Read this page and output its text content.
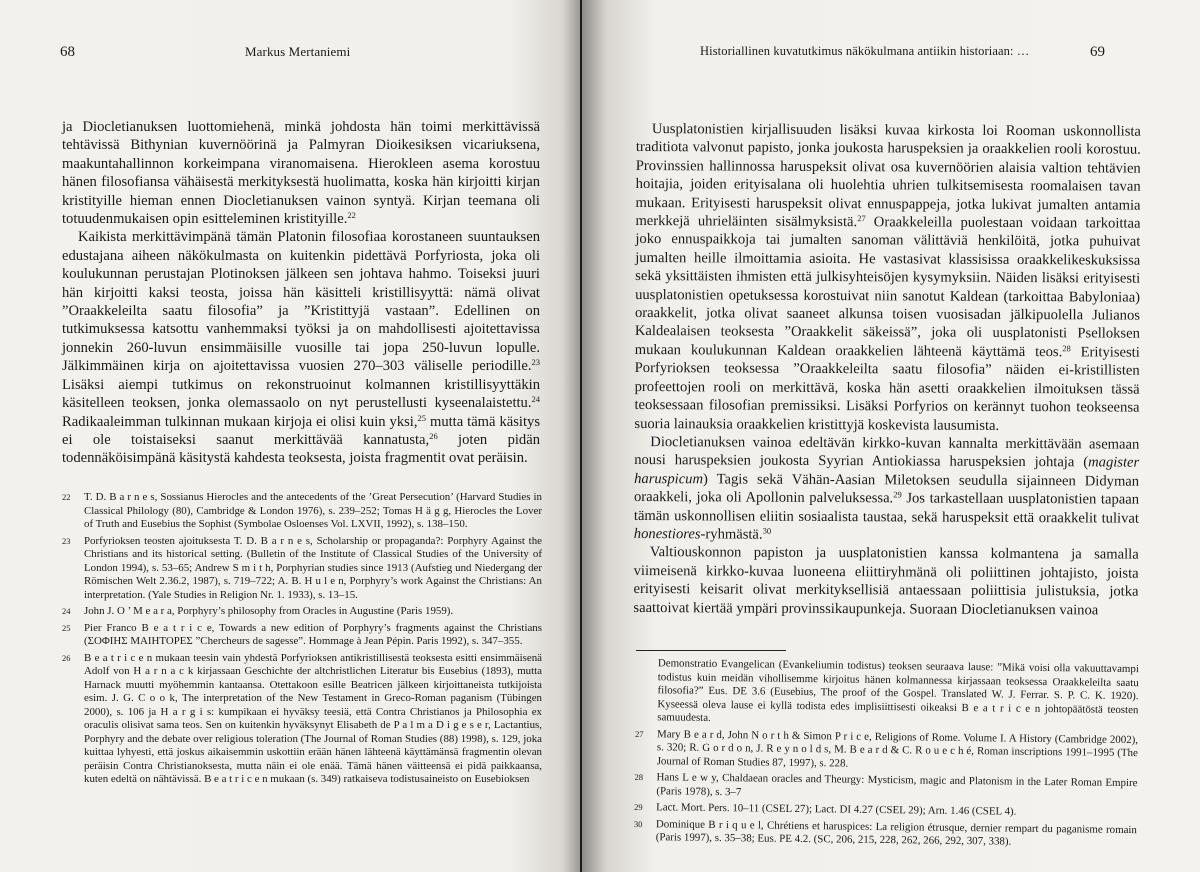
68	Markus Mertaniemi

ja Diocletianuksen luottomiehenä, minkä johdosta hän toimi merkittävissä tehtävissä Bithynian kuvernöörinä ja Palmyran Dioikesiksen vicariuksena, maakuntahallinnon korkeimpana viranomaisena. Hierokleen asema korostuu hänen filosofiansa vähäisestä merkityksestä huolimatta, koska hän kirjoitti kirjan kristityille hieman ennen Diocletianuksen vainon syntyä. Kirjan teemana oli totuudenmukaisen opin esitteleminen kristityille.$^{22}$

Kaikista merkittävimpänä tämän Platonin filosofiaa korostaneen suuntauksen edustajana aiheen näkökulmasta on kuitenkin pidettävä Porfyriosta, joka oli koulukunnan perustajan Plotinoksen jälkeen sen johtava hahmo. Toiseksi juuri hän kirjoitti kaksi teosta, joissa hän käsitteli kristillisyyttä: nämä olivat ”Oraakkeleilta saatu filosofia” ja ”Kristittyjä vastaan”. Edellinen on tutkimuksessa katsottu vanhemmaksi työksi ja on mahdollisesti ajoitettavissa jonnekin 260-luvun ensimmäisille vuosille tai jopa 250-luvun lopulle. Jälkimmäinen kirja on ajoitettavissa vuosien 270–303 väliselle periodille.$^{23}$ Lisäksi aiempi tutkimus on rekonstruoinut kolmannen kristillisyyttäkin käsitelleen teoksen, jonka olemassaolo on nyt perustellusti kyseenalaistettu.$^{24}$ Radikaaleimman tulkinnan mukaan kirjoja ei olisi kuin yksi,$^{25}$ mutta tämä käsitys ei ole toistaiseksi saanut merkittävää kannatusta,$^{26}$ joten pidän todennäköisimpänä käsitystä kahdesta teoksesta, joista fragmentit ovat peräisin.

22 T. D. B a r n e s, Sossianus Hierocles and the antecedents of the ’Great Persecution’ (Harvard Studies in Classical Philology (80), Cambridge & London 1976), s. 239–252; Tomas H ä g g, Hierocles the Lover of Truth and Eusebius the Sophist (Symbolae Osloenses Vol. LXVII, 1992), s. 138–150.
23 Porfyrioksen teosten ajoituksesta T. D. B a r n e s, Scholarship or propaganda?: Porphyry Against the Christians and its historical setting. (Bulletin of the Institute of Classical Studies of the University of London 1994), s. 53–65; Andrew S m i t h, Porphyrian studies since 1913 (Aufstieg und Niedergang der Römischen Welt 2.36.2, 1987), s. 719–722; A. B. H u l e n, Porphyry’s work Against the Christians: An interpretation. (Yale Studies in Religion Nr. 1. 1933), s. 13–15.
24 John J. O ’ M e a r a, Porphyry’s philosophy from Oracles in Augustine (Paris 1959).
25 Pier Franco B e a t r i c e, Towards a new edition of Porphyry’s fragments against the Christians (ΣΟΦΙΗΣ ΜΑΙΗΤΟΡΕΣ ”Chercheurs de sagesse”. Hommage à Jean Pépin. Paris 1992), s. 347–355.
26 B e a t r i c e n mukaan teesin vain yhdestä Porfyrioksen antikristillisestä teoksesta esitti ensimmäisenä Adolf von H a r n a c k kirjassaan Geschichte der altchristlichen Literatur bis Eusebius (1893), mutta Harnack muutti myöhemmin kantaansa. Otettakoon esille Beatricen jälkeen kirjoittaneista tutkijoista esim. J. G. C o o k, The interpretation of the New Testament in Greco-Roman paganism (Tübingen 2000), s. 106 ja H a r g i s: kumpikaan ei hyväksy teesiä, että Contra Christianos ja Philosophia ex oraculis olisivat sama teos. Sen on kuitenkin hyväksynyt Elisabeth de P a l m a D i g e s e r, Lactantius, Porphyry and the debate over religious toleration (The Journal of Roman Studies (88) 1998), s. 129, joka kuittaa lyhyesti, että joskus aikaisemmin uskottiin erään hänen lähteenä käyttämänsä fragmentin olevan peräisin Contra Christianoksesta, mutta näin ei ole enää. Tämä hänen väitteensä ei pidä paikkaansa, kuten edeltä on nähtävissä. B e a t r i c e n mukaan (s. 349) ratkaiseva todistusaineisto on Eusebioksen
Historiallinen kuvatutkimus näkökulmana antiikin historiaan: …	69

Uusplatonistien kirjallisuuden lisäksi kuvaa kirkosta loi Rooman uskonnollista traditiota valvonut papisto, jonka joukosta haruspeksien ja oraakkelien rooli korostuu. Provinssien hallinnossa haruspeksit olivat osa kuvernöörien alaisia valtion tehtävien hoitajia, joiden erityisalana oli huolehtia uhrien tulkitsemisesta roomalaisen tavan mukaan. Erityisesti haruspeksit olivat ennuspappeja, jotka lukivat jumalten antamia merkkejä uhrieläinten sisälmyksistä.$^{27}$ Oraakkeleilla puolestaan voidaan tarkoittaa joko ennuspaikkoja tai jumalten sanoman välittäviä henkilöitä, jotka puhuivat jumalten heille ilmoittamia asioita. He vastasivat klassisissa oraakkelikeskuksissa sekä yksittäisten ihmisten että julkisyhteisöjen kysymyksiin. Näiden lisäksi erityisesti uusplatonistien opetuksessa korostuivat niin sanotut Kaldean (tarkoittaa Babyloniaa) oraakkelit, jotka olivat saaneet alkunsa toisen vuosisadan jälkipuolella Julianos Kaldealaisen teoksesta ”Oraakkelit säkeissä”, joka oli uusplatonisti Pselloksen mukaan koulukunnan Kaldean oraakkelien lähteenä käyttämä teos.$^{28}$ Erityisesti Porfyrioksen teoksessa ”Oraakkeleilta saatu filosofia” näiden ei-kristillisten profeettojen rooli on merkittävä, koska hän asetti oraakkelien ilmoituksen tässä teoksessaan filosofian premissiksi. Lisäksi Porfyrios on kerännyt tuohon teokseensa suoria lainauksia oraakkelien kristittyjä koskevista lausumista.

Diocletianuksen vainoa edeltävän kirkko-kuvan kannalta merkittävään asemaan nousi haruspeksien joukosta Syyrian Antiokiassa haruspeksien johtaja (magister haruspicum) Tagis sekä Vähän-Aasian Miletoksen seudulla sijainneen Didyman oraakkeli, joka oli Apollonin palveluksessa.$^{29}$ Jos tarkastellaan uusplatonistien tapaan tämän uskonnollisen eliitin sosiaalista taustaa, sekä haruspeksit että oraakkelit tulivat honestiores-ryhmästä.$^{30}$

Valtiouskonnon papiston ja uusplatonistien kanssa kolmantena ja samalla viimeisenä kirkko-kuvaa luoneena eliittiryhmänä oli poliittinen johtajisto, joista erityisesti keisarit olivat merkityksellisiä antaessaan poliittisia julistuksia, jotka saattoivat kiertää ympäri provinssikaupunkeja. Suoraan Diocletianuksen vainoa

Demonstratio Evangelican (Evankeliumin todistus) teoksen seuraava lause: ”Mikä voisi olla vakuuttavampi todistus kuin meidän vihollisemme kirjoitus hänen kolmannessa kirjassaan teoksessa Oraakkeleilta saatu filosofia?” Eus. DE 3.6 (Eusebius, The proof of the Gospel. Translated W. J. Ferrar. S. P. C. K. 1920). Kyseessä oleva lause ei kyllä todista edes implisiittisesti oikeaksi B e a t r i c e n johtopäätöstä teosten samuudesta.
27 Mary B e a r d, John N o r t h & Simon P r i c e, Religions of Rome. Volume I. A History (Cambridge 2002), s. 320; R. G o r d o n, J. R e y n o l d s, M. B e a r d & C. R o u e c h é, Roman inscriptions 1991–1995 (The Journal of Roman Studies 87, 1997), s. 228.
28 Hans L e w y, Chaldaean oracles and Theurgy: Mysticism, magic and Platonism in the Later Roman Empire (Paris 1978), s. 3–7
29 Lact. Mort. Pers. 10–11 (CSEL 27); Lact. DI 4.27 (CSEL 29); Arn. 1.46 (CSEL 4).
30 Dominique B r i q u e l, Chrétiens et haruspices: La religion étrusque, dernier rempart du paganisme romain (Paris 1997), s. 35–38; Eus. PE 4.2. (SC, 206, 215, 228, 262, 266, 292, 307, 338).
